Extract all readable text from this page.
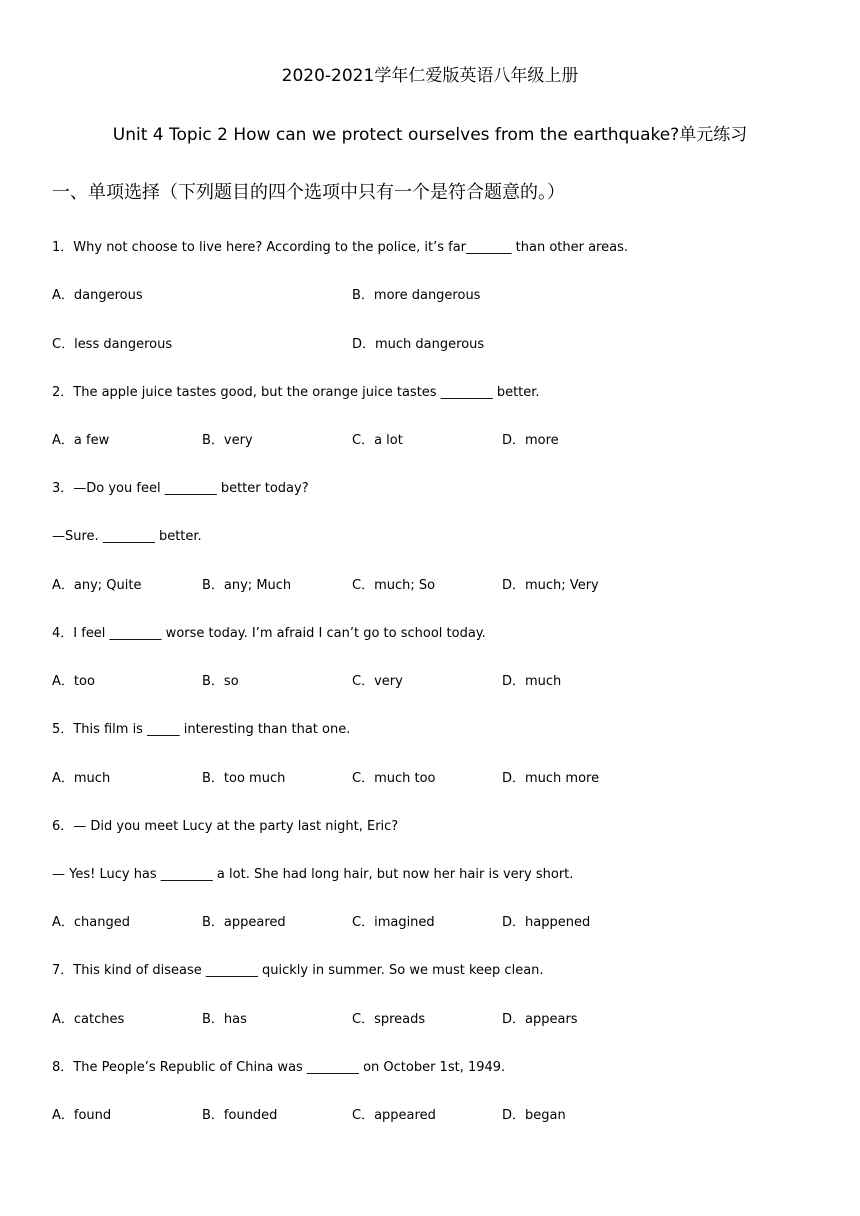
2020-2021学年仁爱版英语八年级上册
Unit 4 Topic 2 How can we protect ourselves from the earthquake?单元练习
一、单项选择（下列题目的四个选项中只有一个是符合题意的。）
1．Why not choose to live here? According to the police, it’s far_______ than other areas.
A．dangerous	B．more dangerous
C．less dangerous	D．much dangerous
2．The apple juice tastes good, but the orange juice tastes ________ better.
A．a few	B．very	C．a lot	D．more
3．—Do you feel ________ better today?
—Sure. ________ better.
A．any; Quite	B．any; Much	C．much; So	D．much; Very
4．I feel ________ worse today. I’m afraid I can’t go to school today.
A．too	B．so	C．very	D．much
5．This film is _____ interesting than that one.
A．much	B．too much	C．much too	D．much more
6．— Did you meet Lucy at the party last night, Eric?
— Yes! Lucy has ________ a lot. She had long hair, but now her hair is very short.
A．changed	B．appeared	C．imagined	D．happened
7．This kind of disease ________ quickly in summer. So we must keep clean.
A．catches	B．has	C．spreads	D．appears
8．The People’s Republic of China was ________ on October 1st, 1949.
A．found	B．founded	C．appeared	D．began
